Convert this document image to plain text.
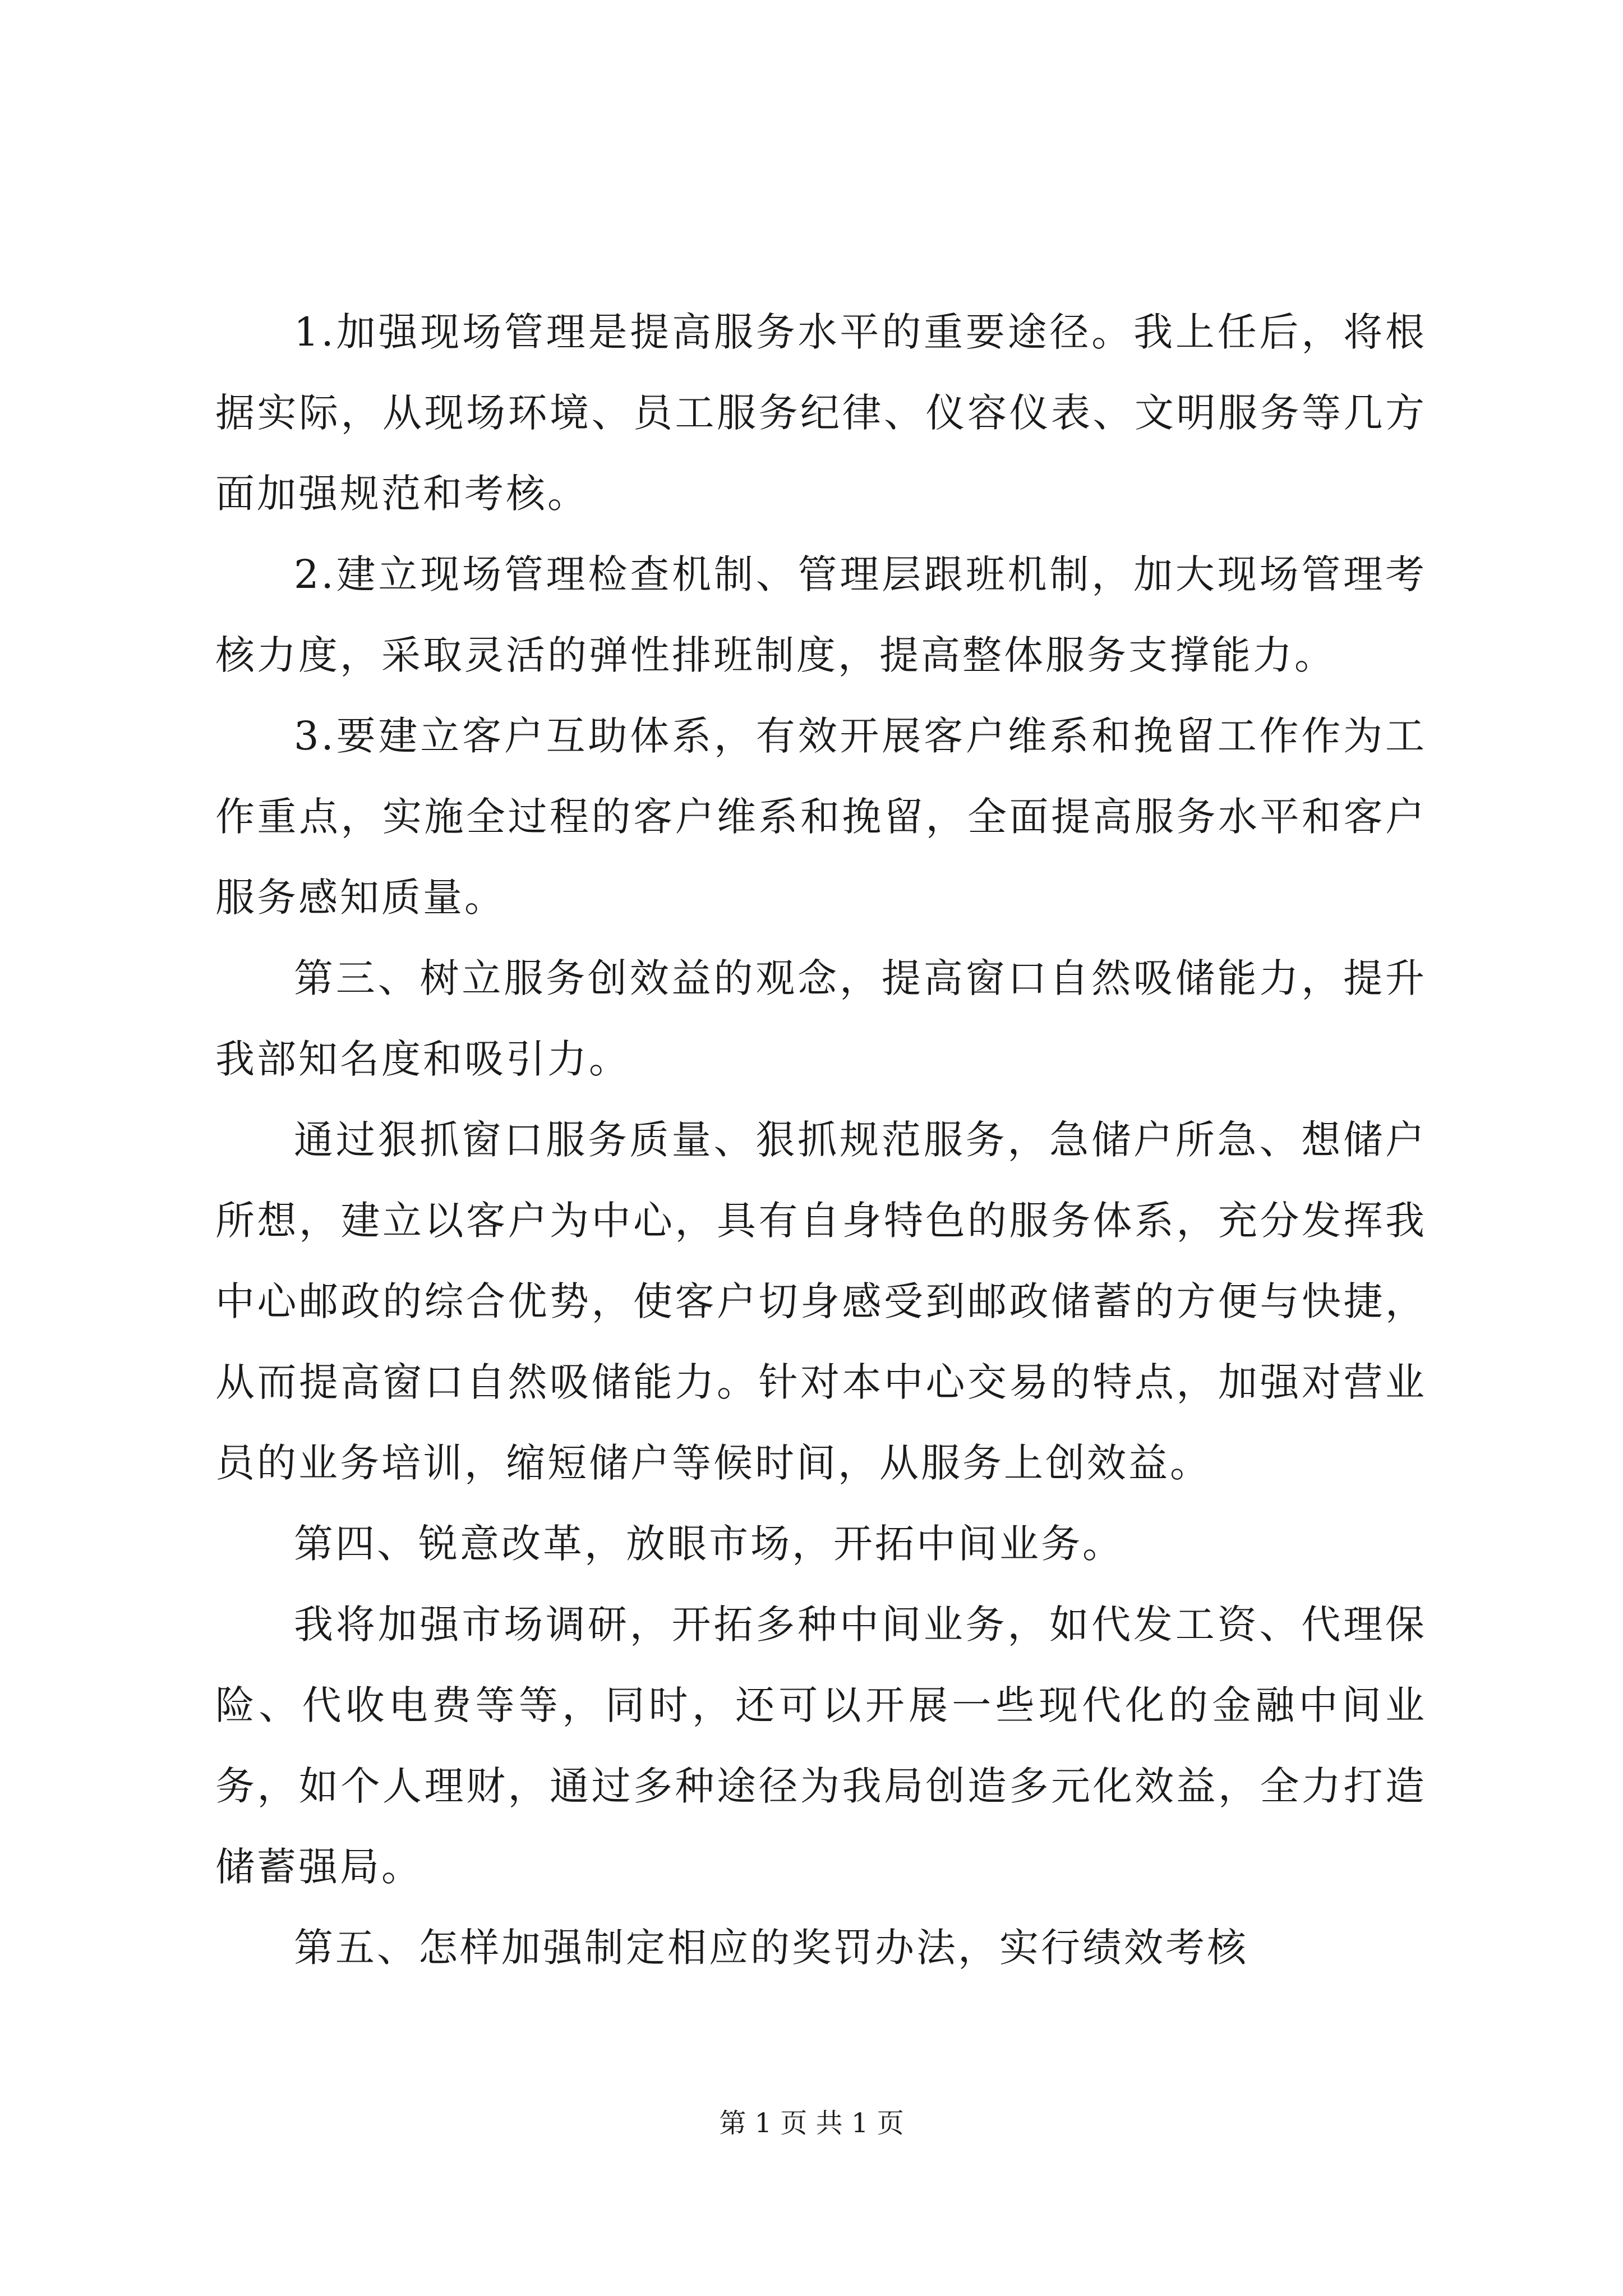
1.加强现场管理是提高服务水平的重要途径。我上任后，将根据实际，从现场环境、员工服务纪律、仪容仪表、文明服务等几方面加强规范和考核。

2.建立现场管理检查机制、管理层跟班机制，加大现场管理考核力度，采取灵活的弹性排班制度，提高整体服务支撑能力。

3.要建立客户互助体系，有效开展客户维系和挽留工作作为工作重点，实施全过程的客户维系和挽留，全面提高服务水平和客户服务感知质量。

第三、树立服务创效益的观念，提高窗口自然吸储能力，提升我部知名度和吸引力。

通过狠抓窗口服务质量、狠抓规范服务，急储户所急、想储户所想，建立以客户为中心，具有自身特色的服务体系，充分发挥我中心邮政的综合优势，使客户切身感受到邮政储蓄的方便与快捷，从而提高窗口自然吸储能力。针对本中心交易的特点，加强对营业员的业务培训，缩短储户等候时间，从服务上创效益。

第四、锐意改革，放眼市场，开拓中间业务。

我将加强市场调研，开拓多种中间业务，如代发工资、代理保险、代收电费等等，同时，还可以开展一些现代化的金融中间业务，如个人理财，通过多种途径为我局创造多元化效益，全力打造储蓄强局。

第五、怎样加强制定相应的奖罚办法，实行绩效考核

第 1 页 共 1 页
